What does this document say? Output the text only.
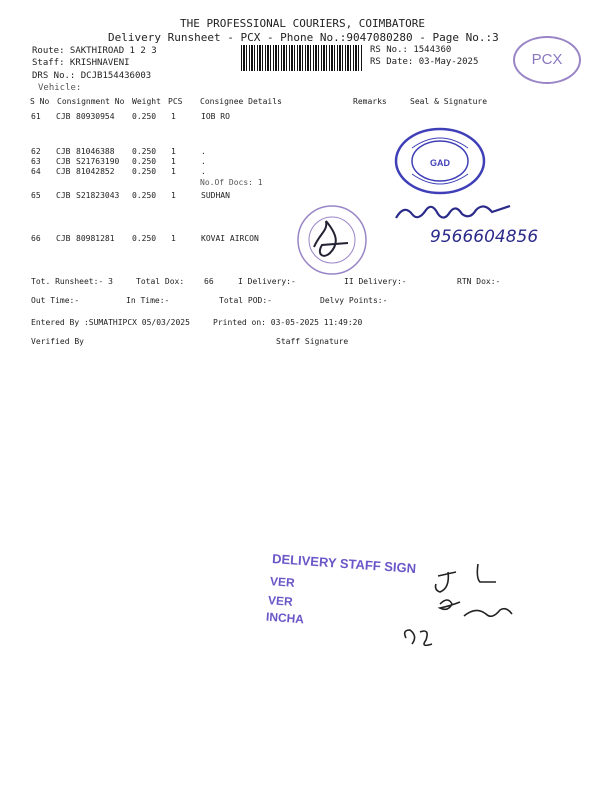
THE PROFESSIONAL COURIERS, COIMBATORE
Delivery Runsheet - PCX - Phone No.:9047080280 - Page No.:3
Route: SAKTHIROAD 1 2 3
Staff: KRISHNAVENI
DRS No.: DCJB154436003
Vehicle:
RS No.: 1544360
RS Date: 03-May-2025	PCX
S No Consignment No Weight PCS Consignee Details	Remarks	Seal & Signature
61 CJB 80930954 0.250 1	IOB RO
62 CJB 81046388 0.250 1	.
63 CJB S21763190 0.250 1	.
64 CJB 81042852 0.250 1	.
No.Of Docs: 1
65 CJB S21823043 0.250 1	SUDHAN
66 CJB 80981281 0.250 1	KOVAI AIRCON
GAD
9566604856
Tot. Runsheet:- 3	Total Dox: 66	I Delivery:-	II Delivery:-	RTN Dox:-
Out Time:-	In Time:-	Total POD:-	Delvy Points:-
Entered By :SUMATHIPCX 05/03/2025	Printed on: 03-05-2025 11:49:20
Verified By	Staff Signature
DELIVERY STAFF SIGN
VER
VER
INCHA
